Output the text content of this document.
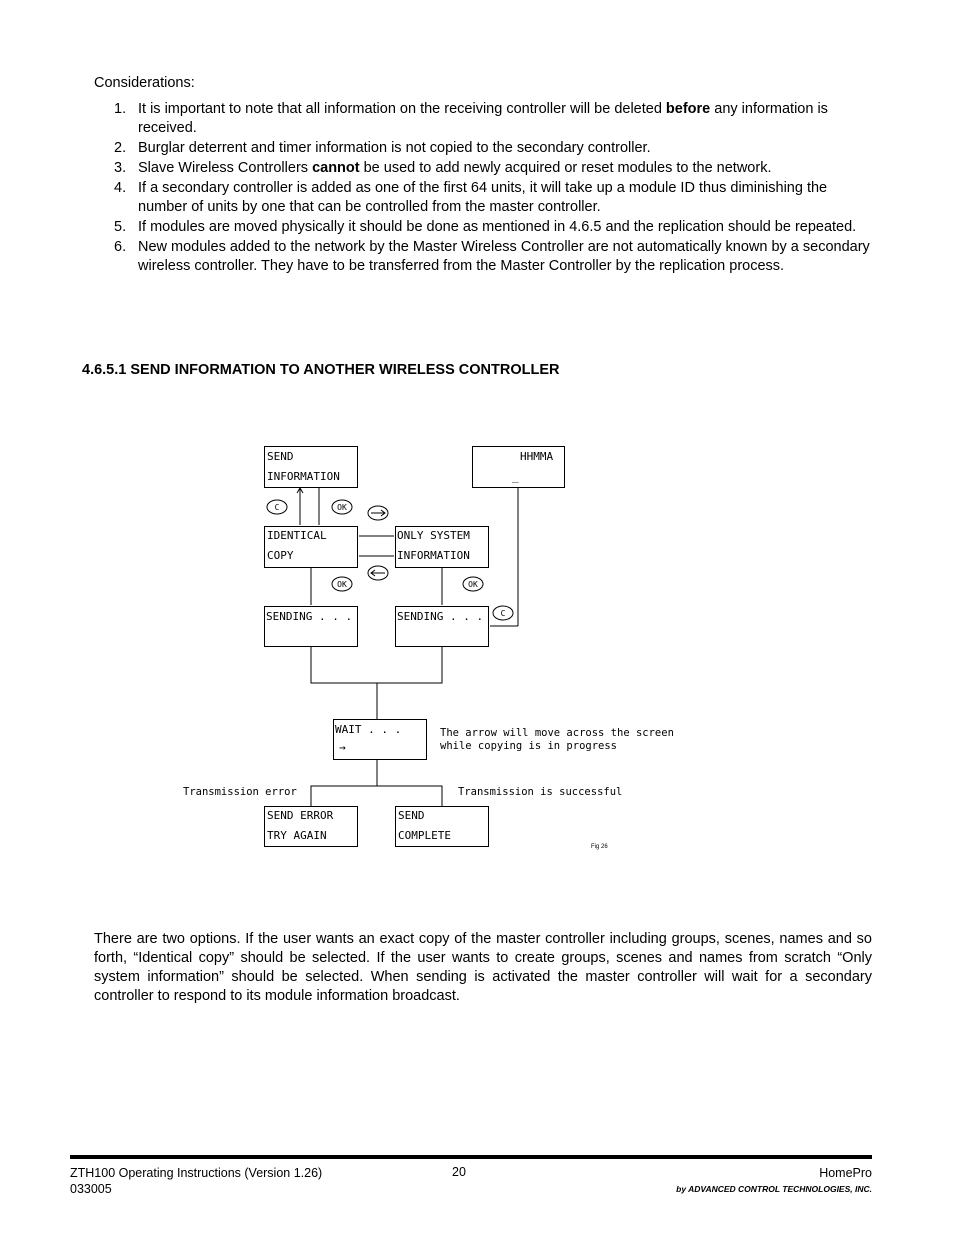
Considerations:
1. It is important to note that all information on the receiving controller will be deleted before any information is received.
2. Burglar deterrent and timer information is not copied to the secondary controller.
3. Slave Wireless Controllers cannot be used to add newly acquired or reset modules to the network.
4. If a secondary controller is added as one of the first 64 units, it will take up a module ID thus diminishing the number of units by one that can be controlled from the master controller.
5. If modules are moved physically it should be done as mentioned in 4.6.5 and the replication should be repeated.
6. New modules added to the network by the Master Wireless Controller are not automatically known by a secondary wireless controller. They have to be transferred from the Master Controller by the replication process.
4.6.5.1 SEND INFORMATION TO ANOTHER WIRELESS CONTROLLER
SEND
INFORMATION
HHMMA
_
IDENTICAL
COPY
ONLY SYSTEM
INFORMATION
SENDING . . .	SENDING . . .
WAIT . . .
→
SEND ERROR
TRY AGAIN
SEND
COMPLETE
The arrow will move across the screen
while copying is in progress
Transmission error	Transmission is successful
C	OK
OK	OK
C
Fig 26
There are two options. If the user wants an exact copy of the master controller including groups, scenes, names and so forth, “Identical copy” should be selected. If the user wants to create groups, scenes and names from scratch “Only system information” should be selected. When sending is activated the master controller will wait for a secondary controller to respond to its module information broadcast.
ZTH100 Operating Instructions (Version 1.26)
033005
20	HomePro
by ADVANCED CONTROL TECHNOLOGIES, INC.
